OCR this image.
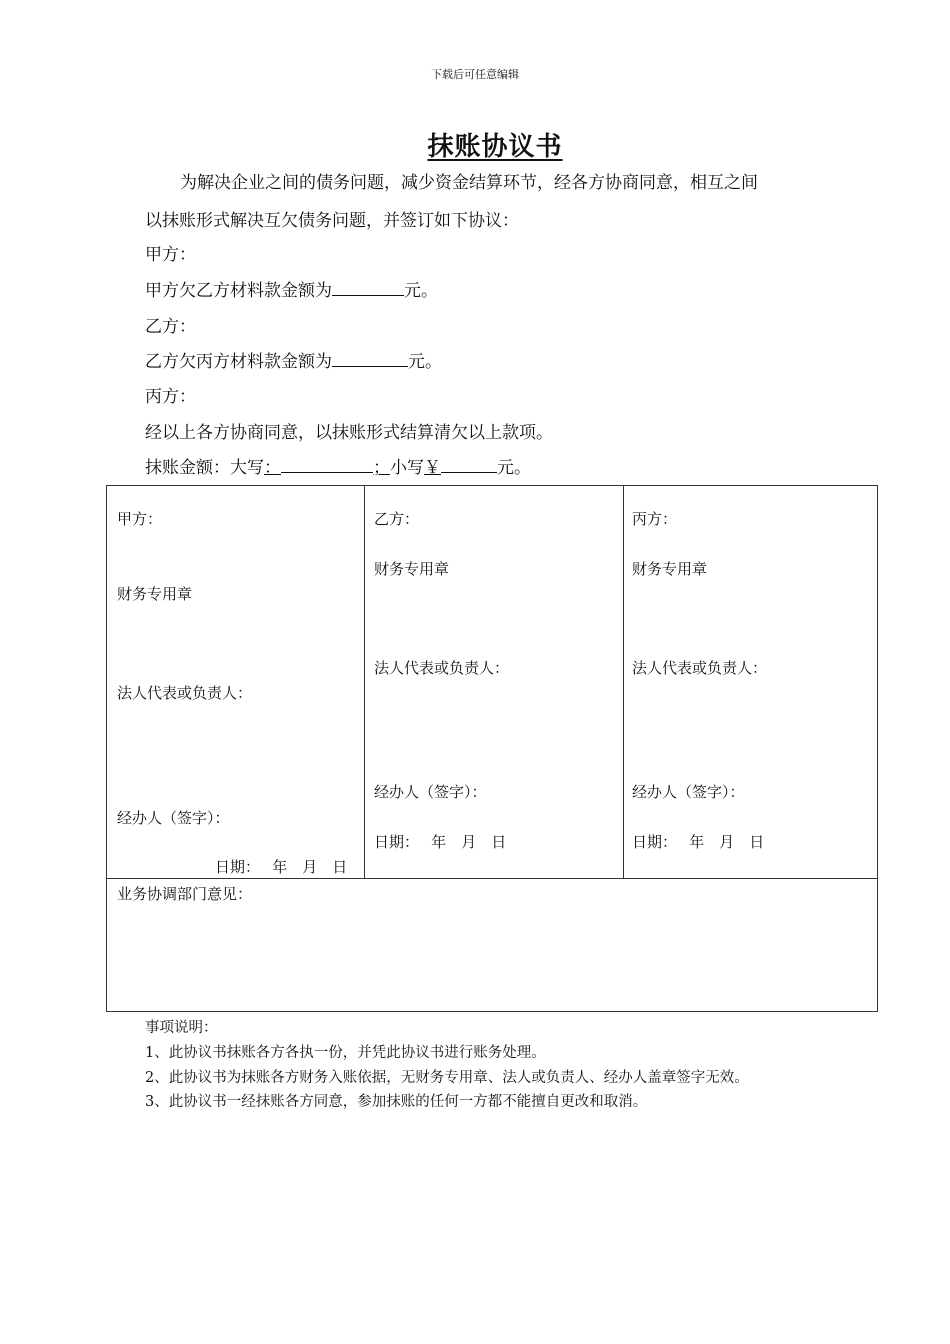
下载后可任意编辑
抹账协议书
为解决企业之间的债务问题，减少资金结算环节，经各方协商同意，相互之间
以抹账形式解决互欠债务问题，并签订如下协议：
甲方：
甲方欠乙方材料款金额为	元。
乙方：
乙方欠丙方材料款金额为	元。
丙方：
经以上各方协商同意，以抹账形式结算清欠以上款项。
抹账金额：大写：	；小写￥	元。
甲方：
财务专用章
法人代表或负责人：
经办人（签字）：
日期：　 年　月　日

乙方：
财务专用章
法人代表或负责人：
经办人（签字）：
日期：　 年　月　日

丙方：
财务专用章
法人代表或负责人：
经办人（签字）：
日期：　 年　月　日

业务协调部门意见：
事项说明：
1、此协议书抹账各方各执一份，并凭此协议书进行账务处理。
2、此协议书为抹账各方财务入账依据，无财务专用章、法人或负责人、经办人盖章签字无效。
3、此协议书一经抹账各方同意，参加抹账的任何一方都不能擅自更改和取消。
